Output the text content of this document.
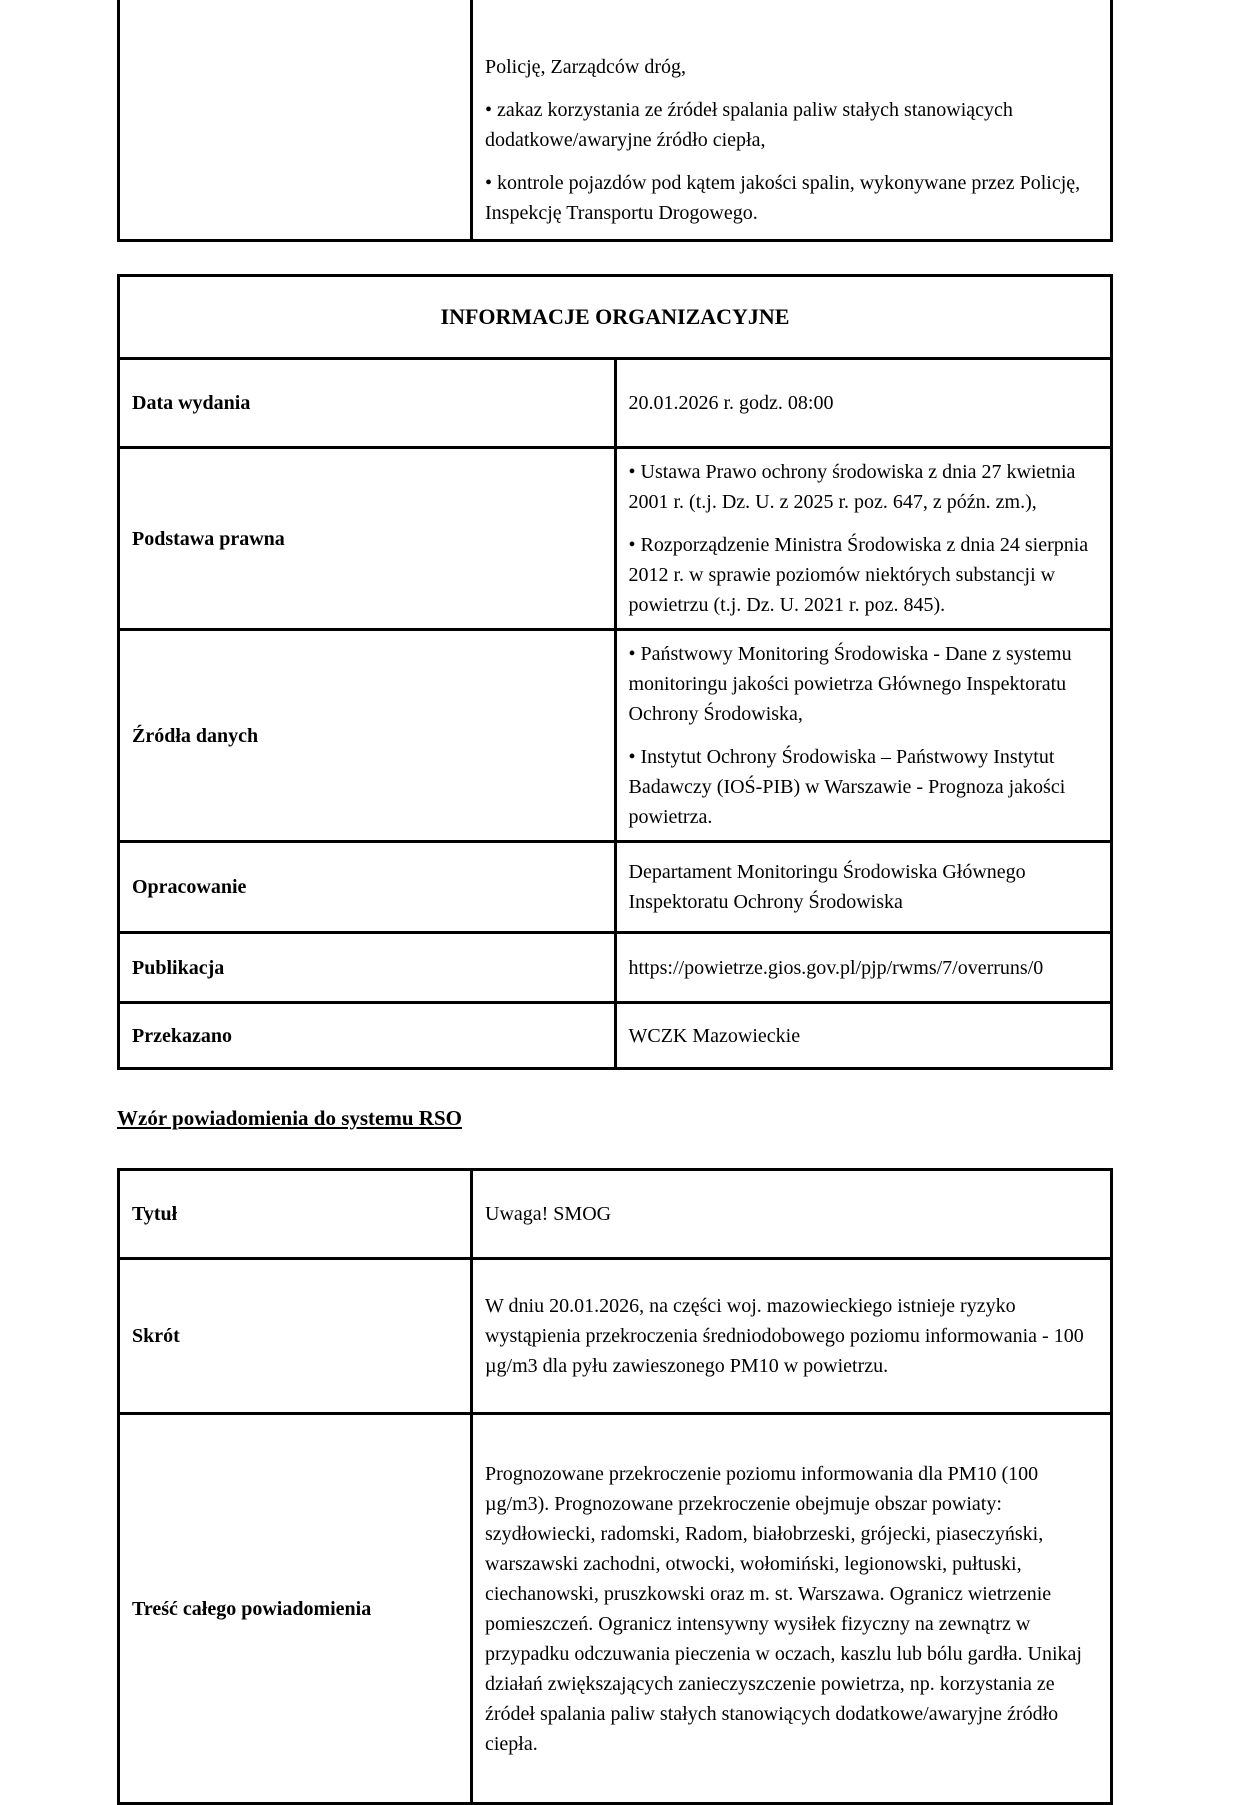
Policję, Zarządców dróg,

• zakaz korzystania ze źródeł spalania paliw stałych stanowiących dodatkowe/awaryjne źródło ciepła,

• kontrole pojazdów pod kątem jakości spalin, wykonywane przez Policję, Inspekcję Transportu Drogowego.

INFORMACJE ORGANIZACYJNE	
Data wydania	20.01.2026 r. godz. 08:00

Podstawa prawna	• Ustawa Prawo ochrony środowiska z dnia 27 kwietnia 2001 r. (t.j. Dz. U. z 2025 r. poz. 647, z późn. zm.),

• Rozporządzenie Ministra Środowiska z dnia 24 sierpnia 2012 r. w sprawie poziomów niektórych substancji w powietrzu (t.j. Dz. U. 2021 r. poz. 845).

Źródła danych	• Państwowy Monitoring Środowiska - Dane z systemu monitoringu jakości powietrza Głównego Inspektoratu Ochrony Środowiska,

• Instytut Ochrony Środowiska – Państwowy Instytut Badawczy (IOŚ-PIB) w Warszawie - Prognoza jakości powietrza.

Opracowanie	Departament Monitoringu Środowiska Głównego Inspektoratu Ochrony Środowiska

Publikacja	https://powietrze.gios.gov.pl/pjp/rwms/7/overruns/0

Przekazano	WCZK Mazowieckie

Wzór powiadomienia do systemu RSO
Tytuł	Uwaga! SMOG

Skrót	W dniu 20.01.2026, na części woj. mazowieckiego istnieje ryzyko wystąpienia przekroczenia średniodobowego poziomu informowania - 100 µg/m3 dla pyłu zawieszonego PM10 w powietrzu.

Treść całego powiadomienia	Prognozowane przekroczenie poziomu informowania dla PM10 (100 µg/m3). Prognozowane przekroczenie obejmuje obszar powiaty: szydłowiecki, radomski, Radom, białobrzeski, grójecki, piaseczyński, warszawski zachodni, otwocki, wołomiński, legionowski, pułtuski, ciechanowski, pruszkowski oraz m. st. Warszawa. Ogranicz wietrzenie pomieszczeń. Ogranicz intensywny wysiłek fizyczny na zewnątrz w przypadku odczuwania pieczenia w oczach, kaszlu lub bólu gardła. Unikaj działań zwiększających zanieczyszczenie powietrza, np. korzystania ze źródeł spalania paliw stałych stanowiących dodatkowe/awaryjne źródło ciepła.
